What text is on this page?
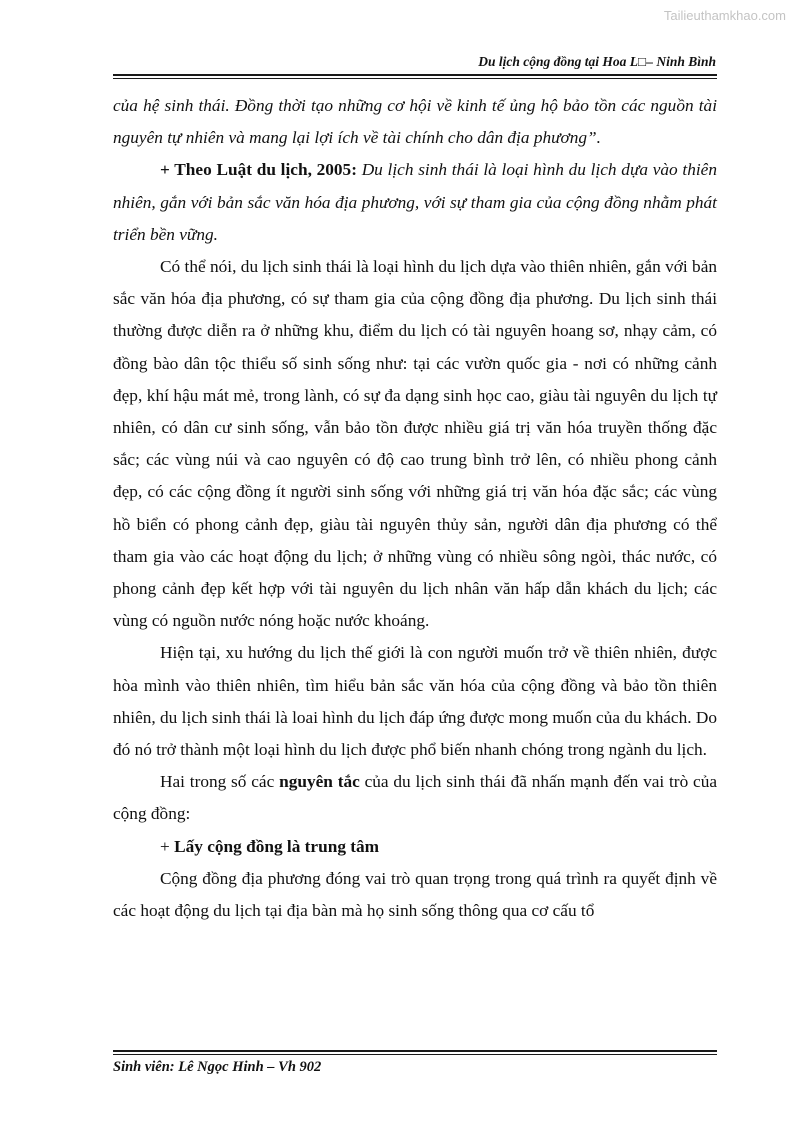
Tailieuthamkhao.com
Du lịch cộng đồng tại Hoa L□– Ninh Bình

của hệ sinh thái. Đồng thời tạo những cơ hội về kinh tế ủng hộ bảo tồn các nguồn tài nguyên tự nhiên và mang lại lợi ích về tài chính cho dân địa phương”.

+ Theo Luật du lịch, 2005: Du lịch sinh thái là loại hình du lịch dựa vào thiên nhiên, gắn với bản sắc văn hóa địa phương, với sự tham gia của cộng đồng nhằm phát triển bền vững.

Có thể nói, du lịch sinh thái là loại hình du lịch dựa vào thiên nhiên, gắn với bản sắc văn hóa địa phương, có sự tham gia của cộng đồng địa phương. Du lịch sinh thái thường được diễn ra ở những khu, điểm du lịch có tài nguyên hoang sơ, nhạy cảm, có đồng bào dân tộc thiểu số sinh sống như: tại các vườn quốc gia - nơi có những cảnh đẹp, khí hậu mát mẻ, trong lành, có sự đa dạng sinh học cao, giàu tài nguyên du lịch tự nhiên, có dân cư sinh sống, vẫn bảo tồn được nhiều giá trị văn hóa truyền thống đặc sắc; các vùng núi và cao nguyên có độ cao trung bình trở lên, có nhiều phong cảnh đẹp, có các cộng đồng ít người sinh sống với những giá trị văn hóa đặc sắc; các vùng hồ biển có phong cảnh đẹp, giàu tài nguyên thủy sản, người dân địa phương có thể tham gia vào các hoạt động du lịch; ở những vùng có nhiều sông ngòi, thác nước, có phong cảnh đẹp kết hợp với tài nguyên du lịch nhân văn hấp dẫn khách du lịch; các vùng có nguồn nước nóng hoặc nước khoáng.

Hiện tại, xu hướng du lịch thế giới là con người muốn trở về thiên nhiên, được hòa mình vào thiên nhiên, tìm hiểu bản sắc văn hóa của cộng đồng và bảo tồn thiên nhiên, du lịch sinh thái là loai hình du lịch đáp ứng được mong muốn của du khách. Do đó nó trở thành một loại hình du lịch được phổ biến nhanh chóng trong ngành du lịch.

Hai trong số các nguyên tắc của du lịch sinh thái đã nhấn mạnh đến vai trò của cộng đồng:

+ Lấy cộng đồng là trung tâm

Cộng đồng địa phương đóng vai trò quan trọng trong quá trình ra quyết định về các hoạt động du lịch tại địa bàn mà họ sinh sống thông qua cơ cấu tổ

Sinh viên: Lê Ngọc Hinh – Vh 902
